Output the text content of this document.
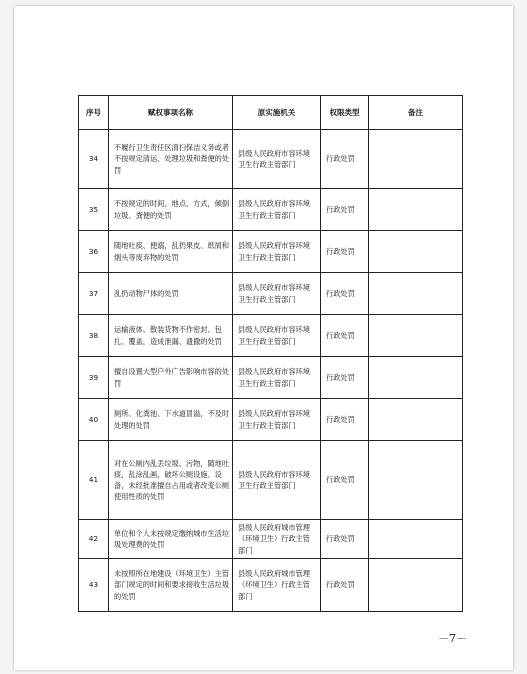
序号	赋权事项名称	原实施机关	权限类型	备注
34	不履行卫生责任区清扫保洁义务或者不按规定清运、处理垃圾和粪便的处罚	县级人民政府市容环境卫生行政主管部门	行政处罚	
35	不按规定的时间、地点、方式，倾倒垃圾、粪便的处罚	县级人民政府市容环境卫生行政主管部门	行政处罚	
36	随地吐痰、便溺，乱扔果皮、纸屑和烟头等废弃物的处罚	县级人民政府市容环境卫生行政主管部门	行政处罚	
37	乱扔动物尸体的处罚	县级人民政府市容环境卫生行政主管部门	行政处罚	
38	运输液体、散装货物不作密封、包扎、覆盖，造成泄漏、遗撒的处罚	县级人民政府市容环境卫生行政主管部门	行政处罚	
39	擅自设置大型户外广告影响市容的处罚	县级人民政府市容环境卫生行政主管部门	行政处罚	
40	厕所、化粪池、下水道冒溢，不及时处理的处罚	县级人民政府市容环境卫生行政主管部门	行政处罚	
41	对在公厕内乱丢垃圾、污物，随地吐痰，乱涂乱画，破坏公厕设施、设备，未经批准擅自占用或者改变公厕使用性质的处罚	县级人民政府市容环境卫生行政主管部门	行政处罚	
42	单位和个人未按规定缴纳城市生活垃圾处理费的处罚	县级人民政府城市管理（环境卫生）行政主管部门	行政处罚	
43	未按照所在地建设（环境卫生）主管部门规定的时间和要求接收生活垃圾的处罚	县级人民政府城市管理（环境卫生）行政主管部门	行政处罚	
－7－
